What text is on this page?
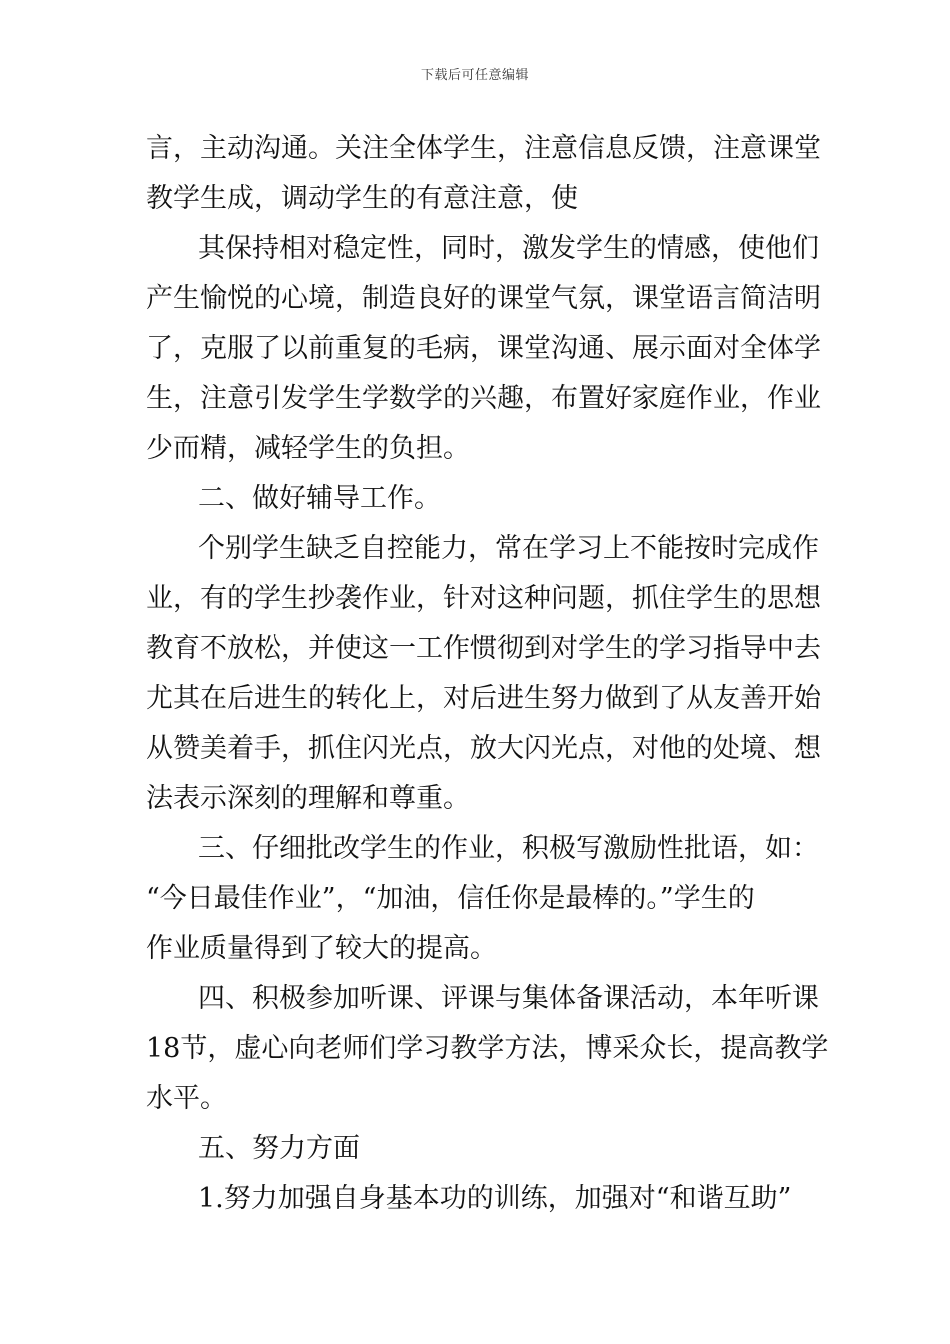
下载后可任意编辑
言，主动沟通。关注全体学生，注意信息反馈，注意课堂
教学生成，调动学生的有意注意，使
其保持相对稳定性，同时，激发学生的情感，使他们
产生愉悦的心境，制造良好的课堂气氛，课堂语言简洁明
了，克服了以前重复的毛病，课堂沟通、展示面对全体学
生，注意引发学生学数学的兴趣，布置好家庭作业，作业
少而精，减轻学生的负担。
二、做好辅导工作。
个别学生缺乏自控能力，常在学习上不能按时完成作
业，有的学生抄袭作业，针对这种问题，抓住学生的思想
教育不放松，并使这一工作惯彻到对学生的学习指导中去
尤其在后进生的转化上，对后进生努力做到了从友善开始
从赞美着手，抓住闪光点，放大闪光点，对他的处境、想
法表示深刻的理解和尊重。
三、仔细批改学生的作业，积极写激励性批语，如：
“今日最佳作业”，“加油，信任你是最棒的。”学生的
作业质量得到了较大的提高。
四、积极参加听课、评课与集体备课活动，本年听课
18节，虚心向老师们学习教学方法，博采众长，提高教学
水平。
五、努力方面
1.努力加强自身基本功的训练，加强对“和谐互助”
